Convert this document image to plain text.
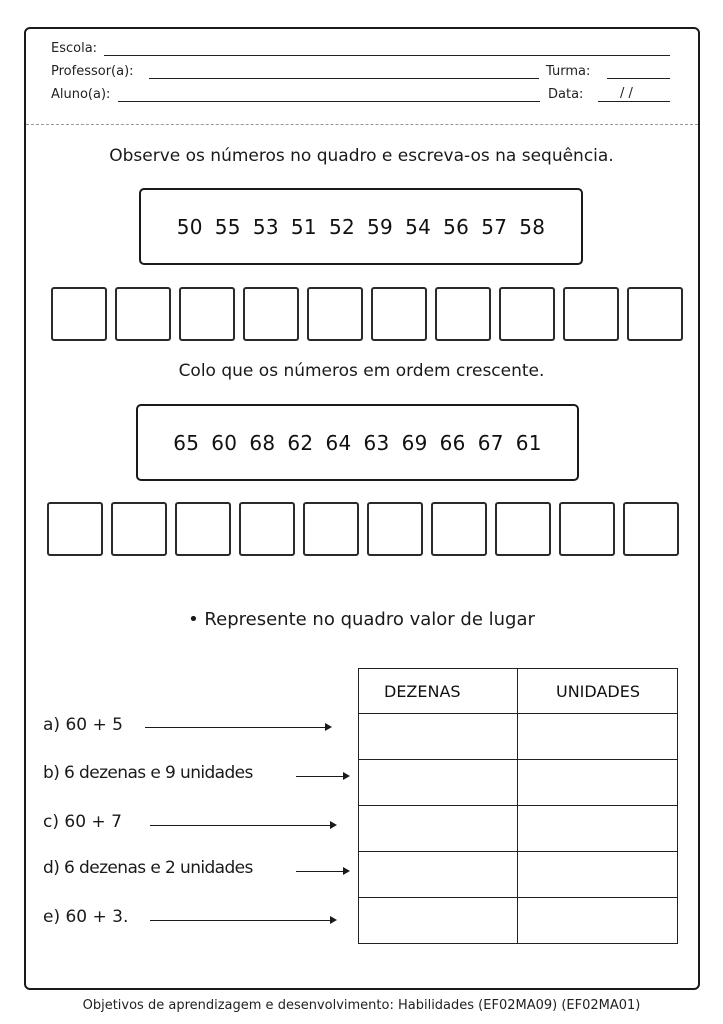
Escola:
Professor(a):	Turma:
Aluno(a):	Data:	/ /
Observe os números no quadro e escreva-os na sequência.
50 55 53 51 52 59 54 56 57 58
Colo que os números em ordem crescente.
65 60 68 62 64 63 69 66 67 61
• Represente no quadro valor de lugar
DEZENAS	UNIDADES

a) 60 + 5
b) 6 dezenas e 9 unidades
c) 60 + 7
d) 6 dezenas e 2 unidades
e) 60 + 3.
Objetivos de aprendizagem e desenvolvimento: Habilidades (EF02MA09) (EF02MA01)
